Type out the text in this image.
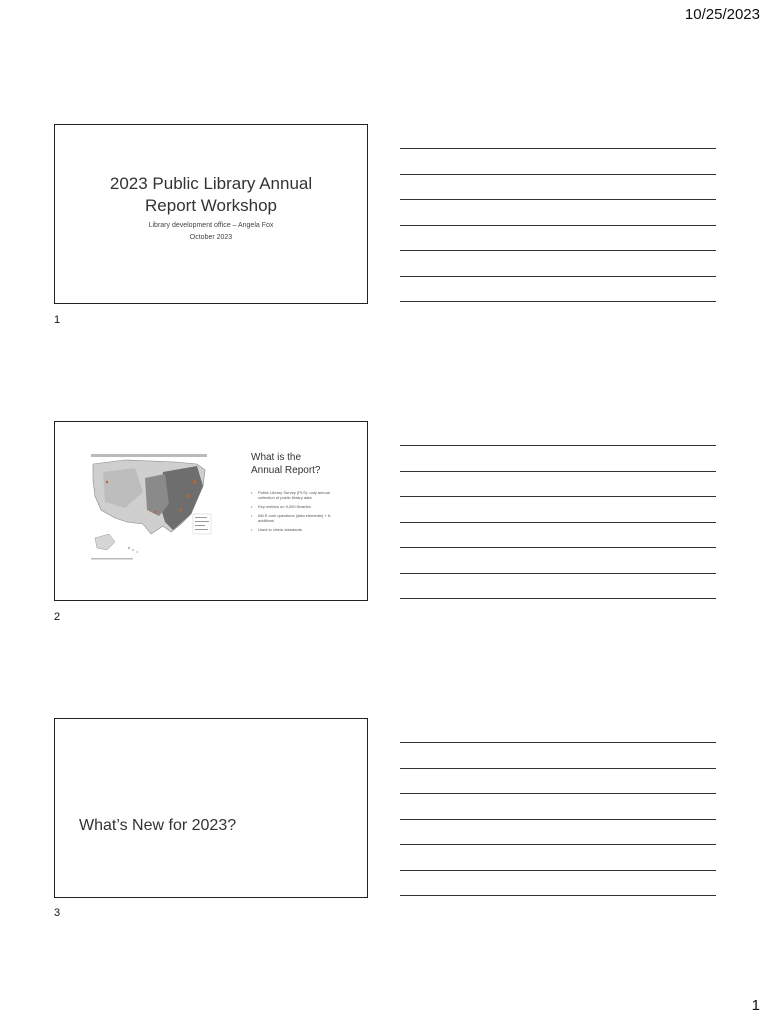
10/25/2023
2023 Public Library Annual
Report Workshop
Library development office – Angela Fox
October 2023
1
What is the
Annual Report?
• Public Library Survey (PLS): only annual collection of public library data
• Key metrics on 9,000 libraries
• IMLS core questions (data elements) + IL additions
• Used to check standards
2
What’s New for 2023?
3
1
